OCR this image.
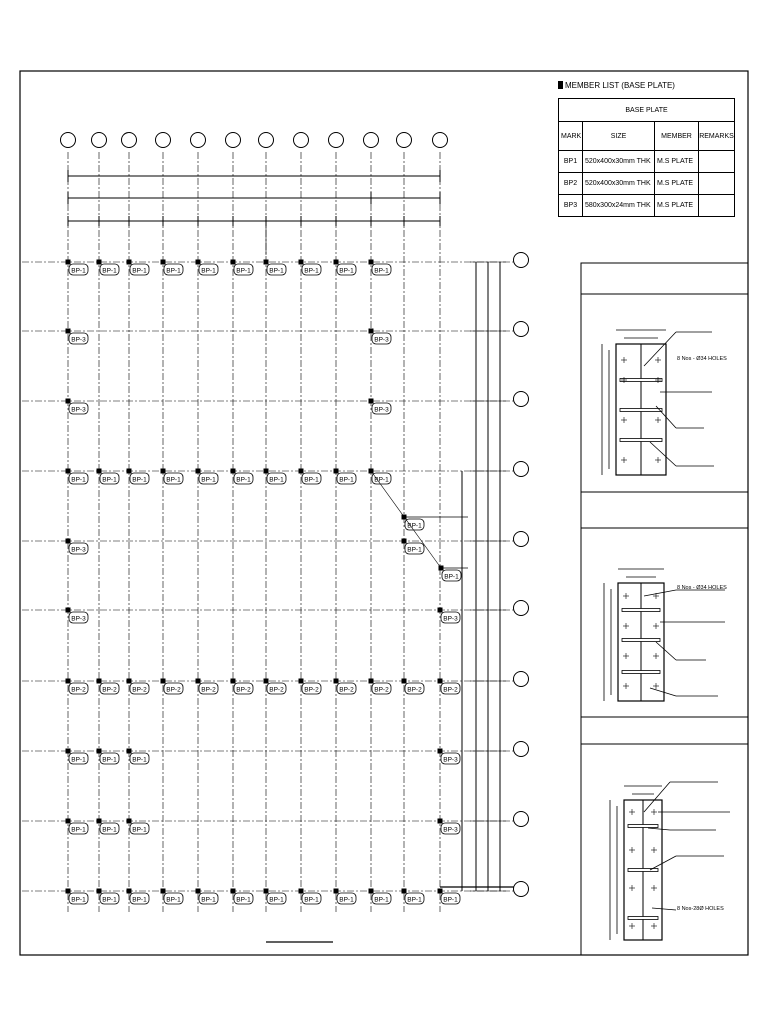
BP-1	BP-1 BP-1	BP-1	BP-1	BP-1	BP-1	BP-1	BP-1	BP-1
BP-3	BP-3
BP-3	BP-3
BP-1	BP-1 BP-1	BP-1	BP-1	BP-1	BP-1	BP-1	BP-1	BP-1
BP-3	BP-1
BP-3	BP-3
BP-2	BP-2 BP-2	BP-2	BP-2	BP-2	BP-2	BP-2	BP-2	BP-2	BP-2	BP-2
BP-1	BP-1 BP-1	BP-3
BP-1	BP-1 BP-1	BP-3
BP-1	BP-1 BP-1	BP-1	BP-1	BP-1	BP-1	BP-1	BP-1	BP-1	BP-1	BP-1
BP-1
BP-1
8 Nos - Ø34 HOLES
8 Nos - Ø34 HOLES
8 Nos-28Ø HOLES
MEMBER LIST (BASE PLATE)
BASE PLATE			
MARK	SIZE	MEMBER	REMARKS
BP1	520x400x30mm THK	M.S PLATE	
BP2	520x400x30mm THK	M.S PLATE	
BP3	580x300x24mm THK	M.S PLATE	
